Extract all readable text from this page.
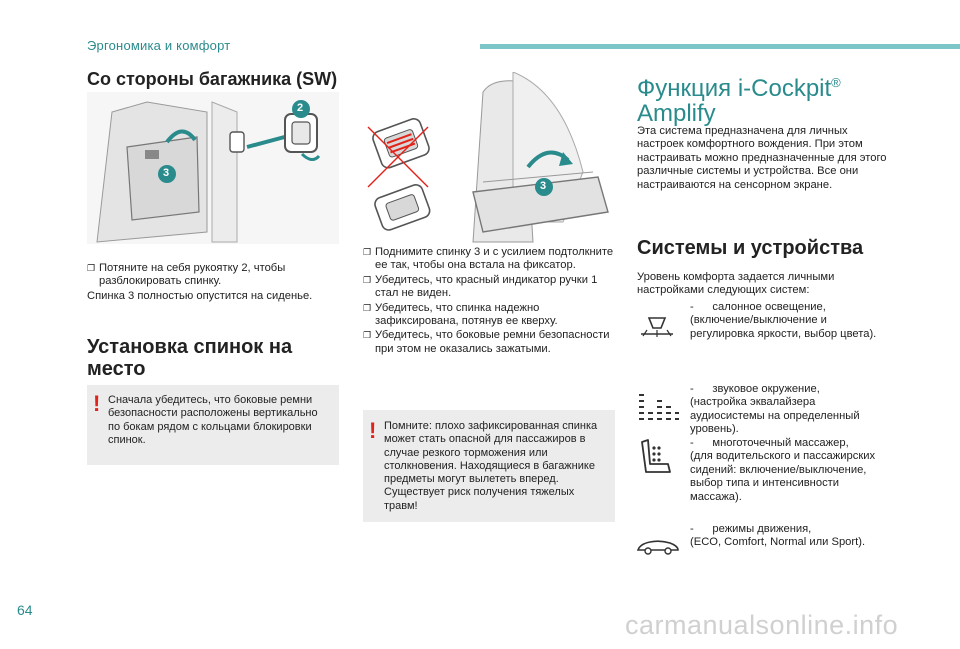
Эргономика и комфорт
Со стороны багажника (SW)
2
3
❐ Потяните на себя рукоятку 2, чтобы разблокировать спинку.
Спинка 3 полностью опустится на сиденье.
Установка спинок на место
! Сначала убедитесь, что боковые ремни безопасности расположены вертикально по бокам рядом с кольцами блокировки спинок.
3
❐ Поднимите спинку 3 и с усилием подтолкните ее так, чтобы она встала на фиксатор.
❐ Убедитесь, что красный индикатор ручки 1 стал не виден.
❐ Убедитесь, что спинка надежно зафиксирована, потянув ее кверху.
❐ Убедитесь, что боковые ремни безопасности при этом не оказались зажатыми.
! Помните: плохо зафиксированная спинка может стать опасной для пассажиров в случае резкого торможения или столкновения. Находящиеся в багажнике предметы могут вылететь вперед. Существует риск получения тяжелых травм!
Функция i-Cockpit®
Amplify
Эта система предназначена для личных настроек комфортного вождения. При этом настраивать можно предназначенные для этого различные системы и устройства. Все они настраиваются на сенсорном экране.
Системы и устройства
Уровень комфорта задается личными настройками следующих систем:
-      салонное освещение,
(включение/выключение и регулировка яркости, выбор цвета).
-      звуковое окружение,
(настройка эквалайзера аудиосистемы на определенный уровень).
-      многоточечный массажер,
(для водительского и пассажирских сидений: включение/выключение, выбор типа и интенсивности массажа).
-      режимы движения,
(ECO, Comfort, Normal или Sport).
64	carmanualsonline.info
